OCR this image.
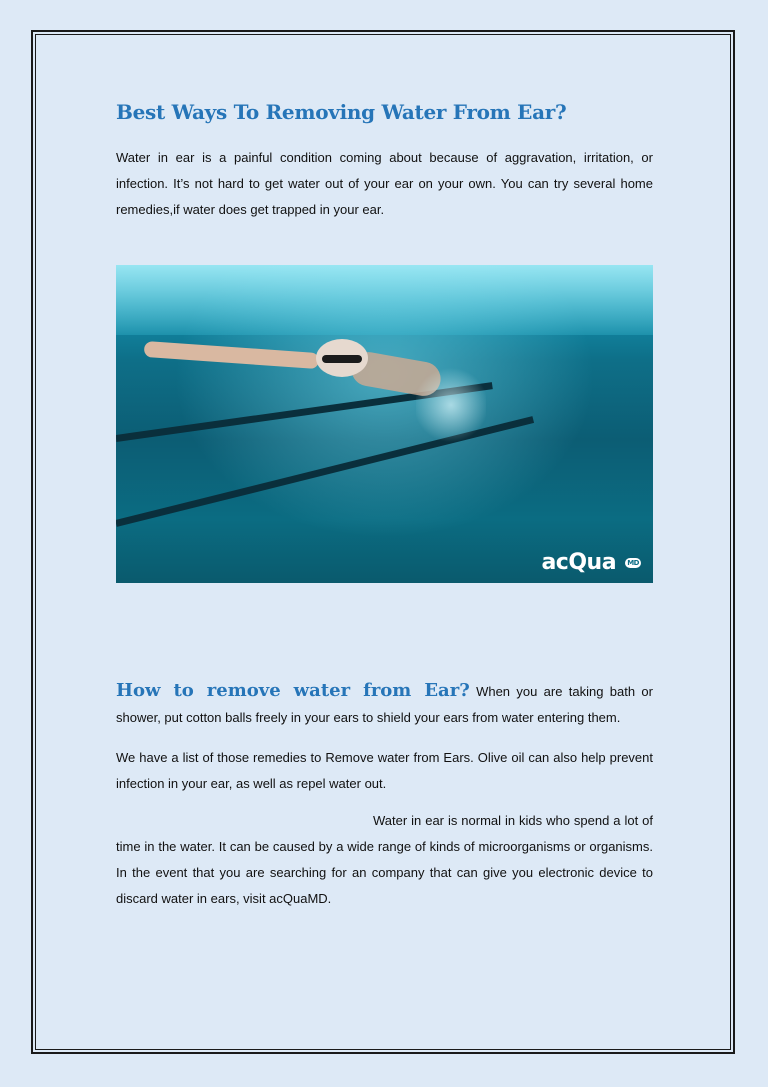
Best Ways To Removing Water From Ear?

Water in ear is a painful condition coming about because of aggravation, irritation, or infection. It’s not hard to get water out of your ear on your own. You can try several home remedies,if water does get trapped in your ear.

acQua MD
How to remove water from Ear? When you are taking bath or shower, put cotton balls freely in your ears to shield your ears from water entering them.

We have a list of those remedies to Remove water from Ears. Olive oil can also help prevent infection in your ear, as well as repel water out.

Water in ear is normal in kids who spend a lot of time in the water. It can be caused by a wide range of kinds of microorganisms or organisms. In the event that you are searching for an company that can give you electronic device to discard water in ears, visit acQuaMD.
